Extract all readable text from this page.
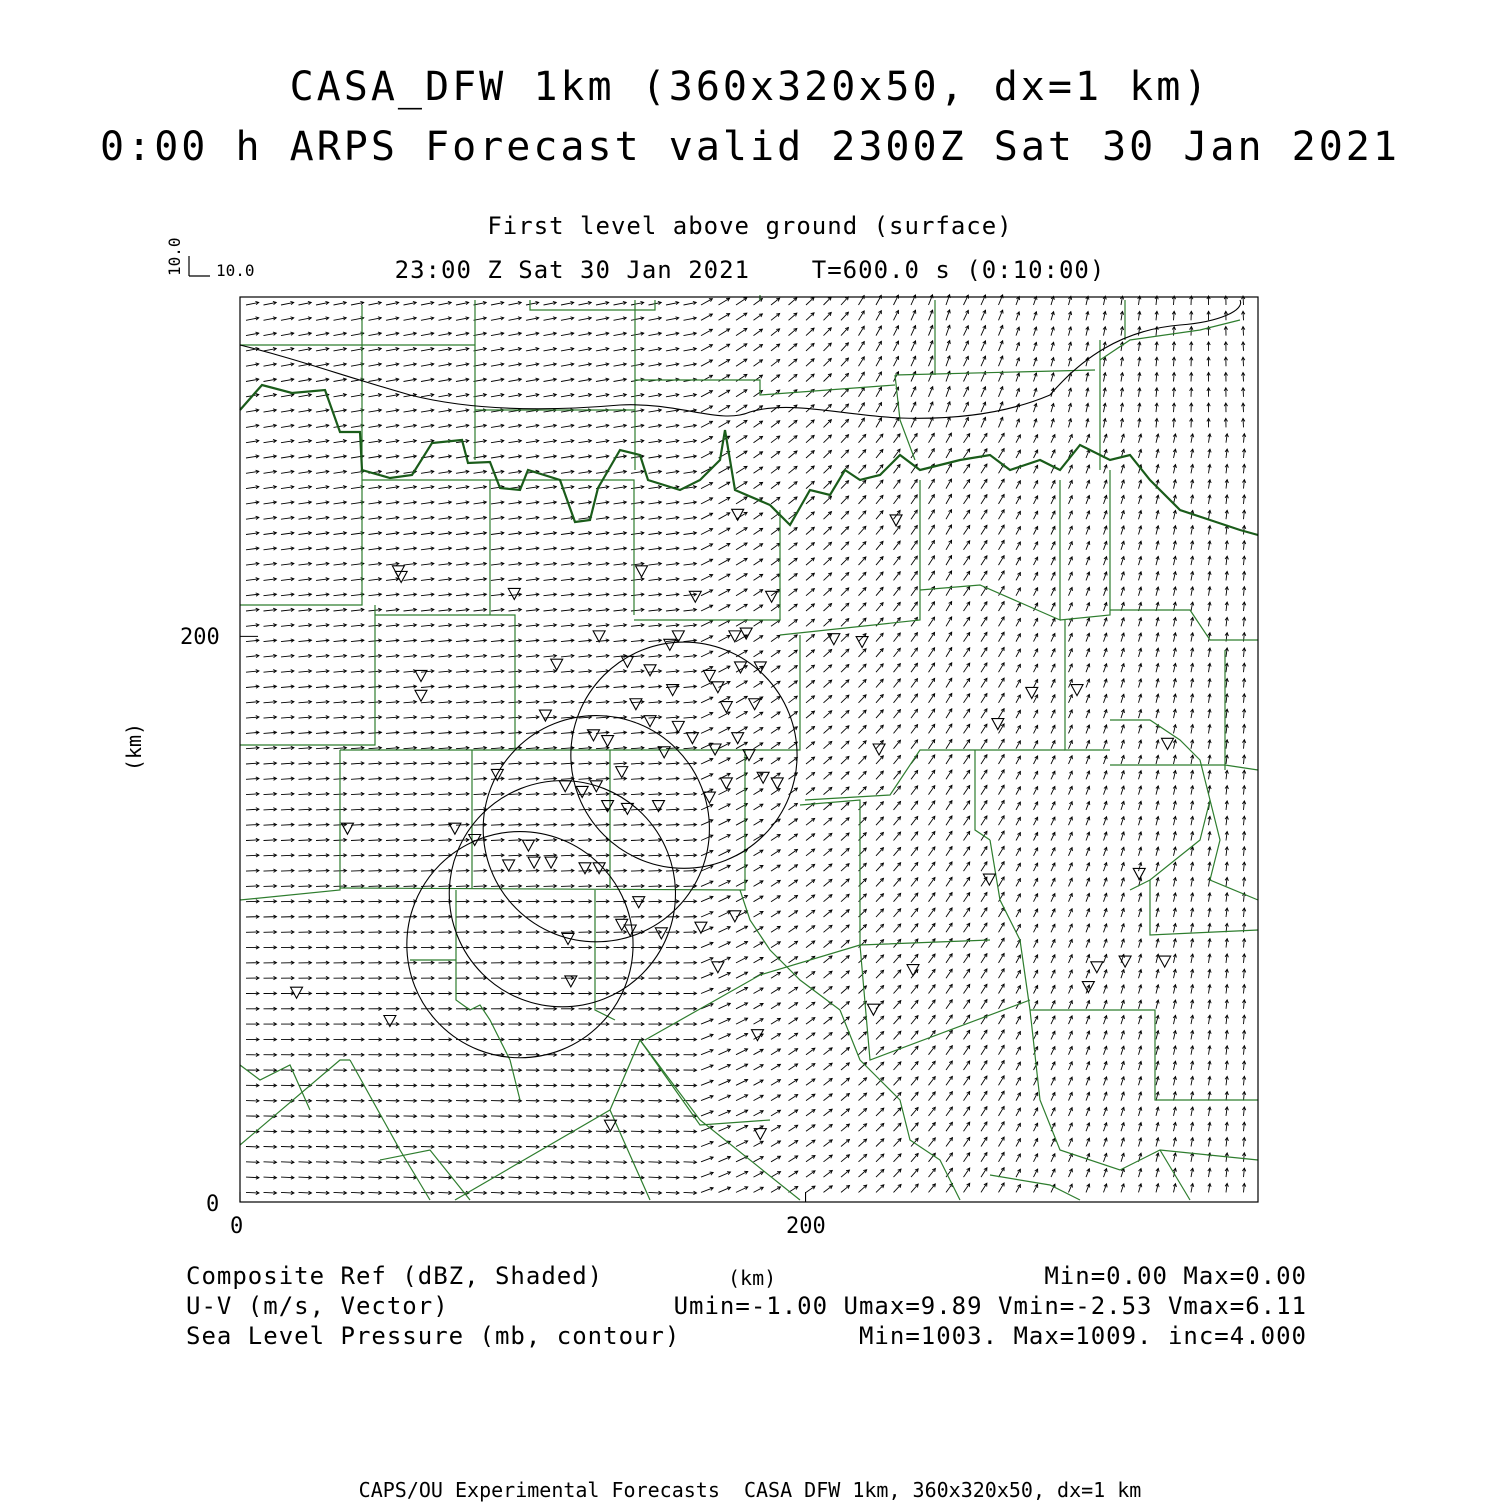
CASA_DFW 1km (360x320x50, dx=1 km)
0:00 h ARPS Forecast valid 2300Z Sat 30 Jan 2021
First level above ground (surface)
23:00 Z Sat 30 Jan 2021    T=600.0 s (0:10:00)
10.0
10.0
0	200
0
200
(km)
(km)
Composite Ref (dBZ, Shaded)	Min=0.00 Max=0.00
U-V (m/s, Vector)	Umin=-1.00 Umax=9.89 Vmin=-2.53 Vmax=6.11
Sea Level Pressure (mb, contour)	Min=1003. Max=1009. inc=4.000
CAPS/OU Experimental Forecasts  CASA DFW 1km, 360x320x50, dx=1 km
